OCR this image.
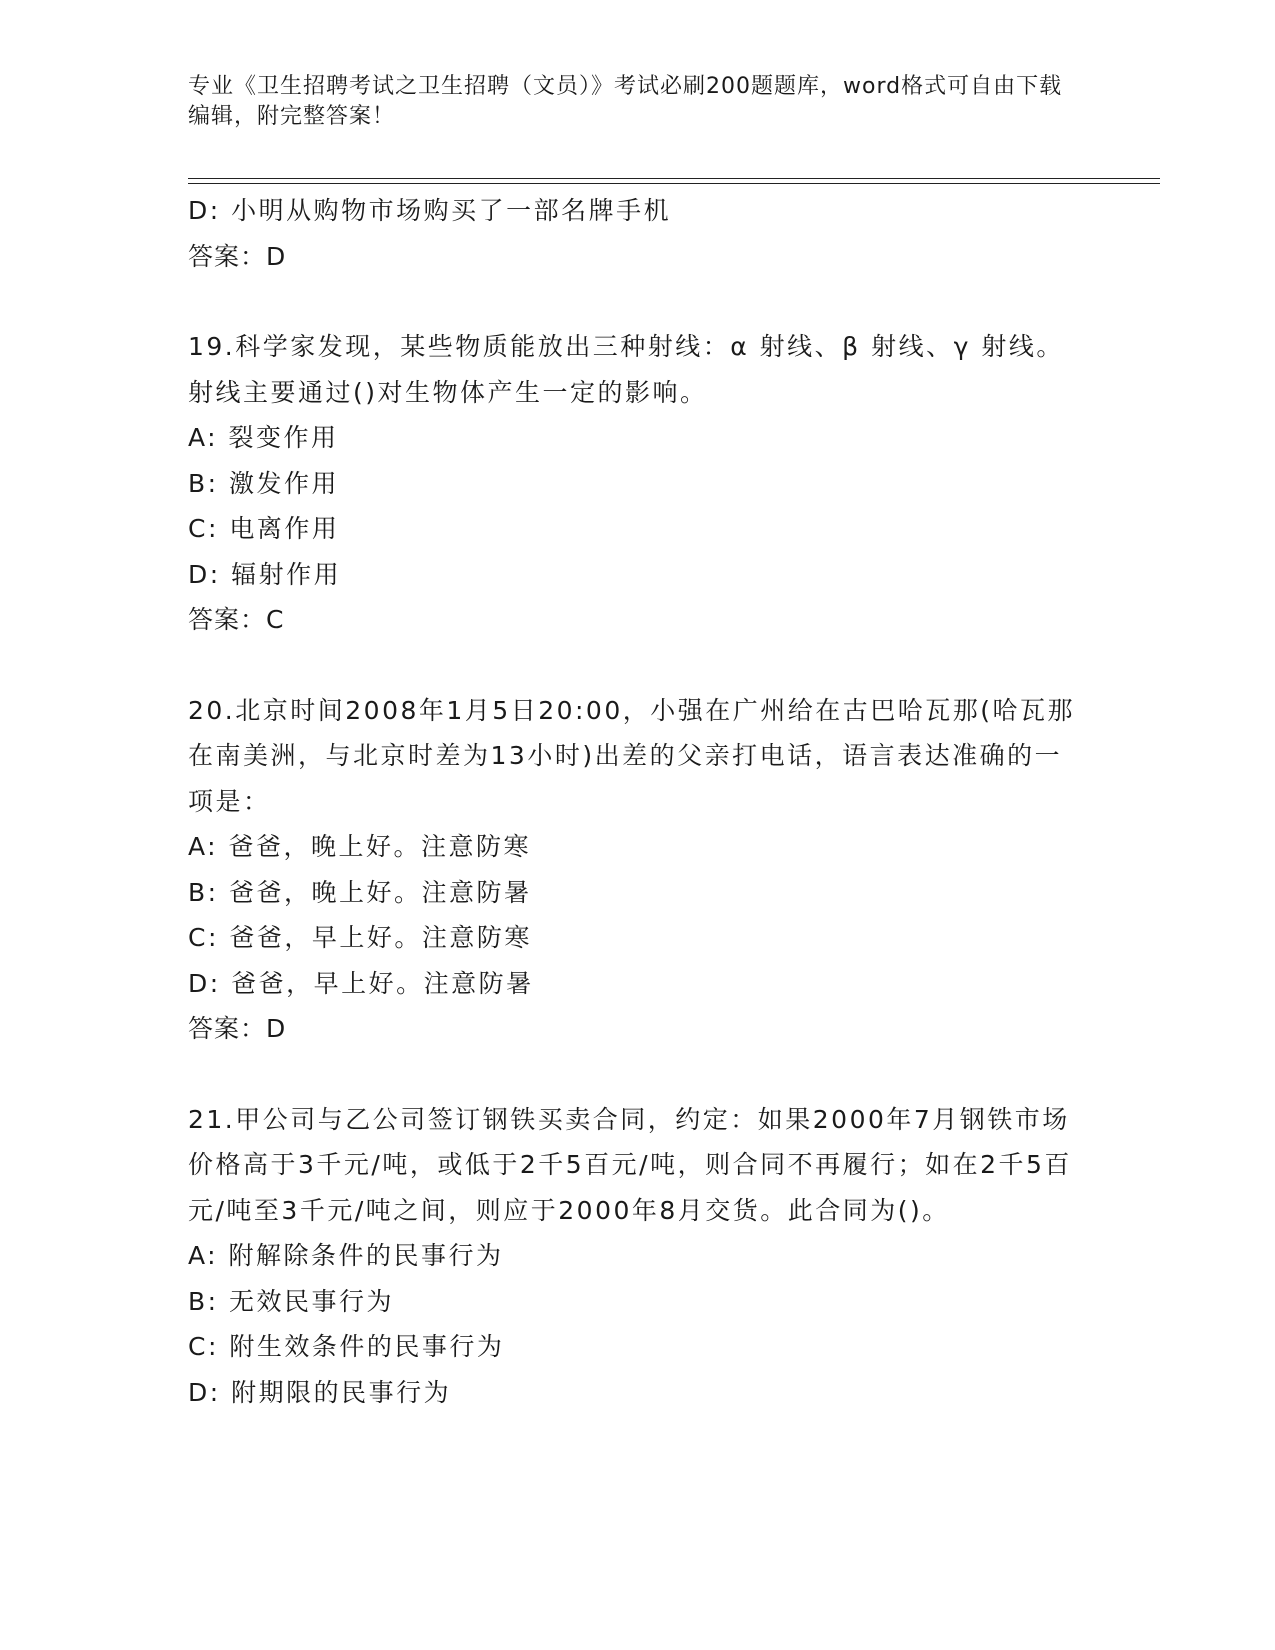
专业《卫生招聘考试之卫生招聘（文员）》考试必刷200题题库，word格式可自由下载编辑，附完整答案！

D: 小明从购物市场购买了一部名牌手机

答案：D

19.科学家发现，某些物质能放出三种射线：α 射线、β 射线、γ 射线。射线主要通过()对生物体产生一定的影响。

A: 裂变作用

B: 激发作用

C: 电离作用

D: 辐射作用

答案：C

20.北京时间2008年1月5日20:00，小强在广州给在古巴哈瓦那(哈瓦那在南美洲，与北京时差为13小时)出差的父亲打电话，语言表达准确的一项是：

A: 爸爸，晚上好。注意防寒

B: 爸爸，晚上好。注意防暑

C: 爸爸，早上好。注意防寒

D: 爸爸，早上好。注意防暑

答案：D

21.甲公司与乙公司签订钢铁买卖合同，约定：如果2000年7月钢铁市场价格高于3千元/吨，或低于2千5百元/吨，则合同不再履行；如在2千5百元/吨至3千元/吨之间，则应于2000年8月交货。此合同为()。

A: 附解除条件的民事行为

B: 无效民事行为

C: 附生效条件的民事行为

D: 附期限的民事行为
